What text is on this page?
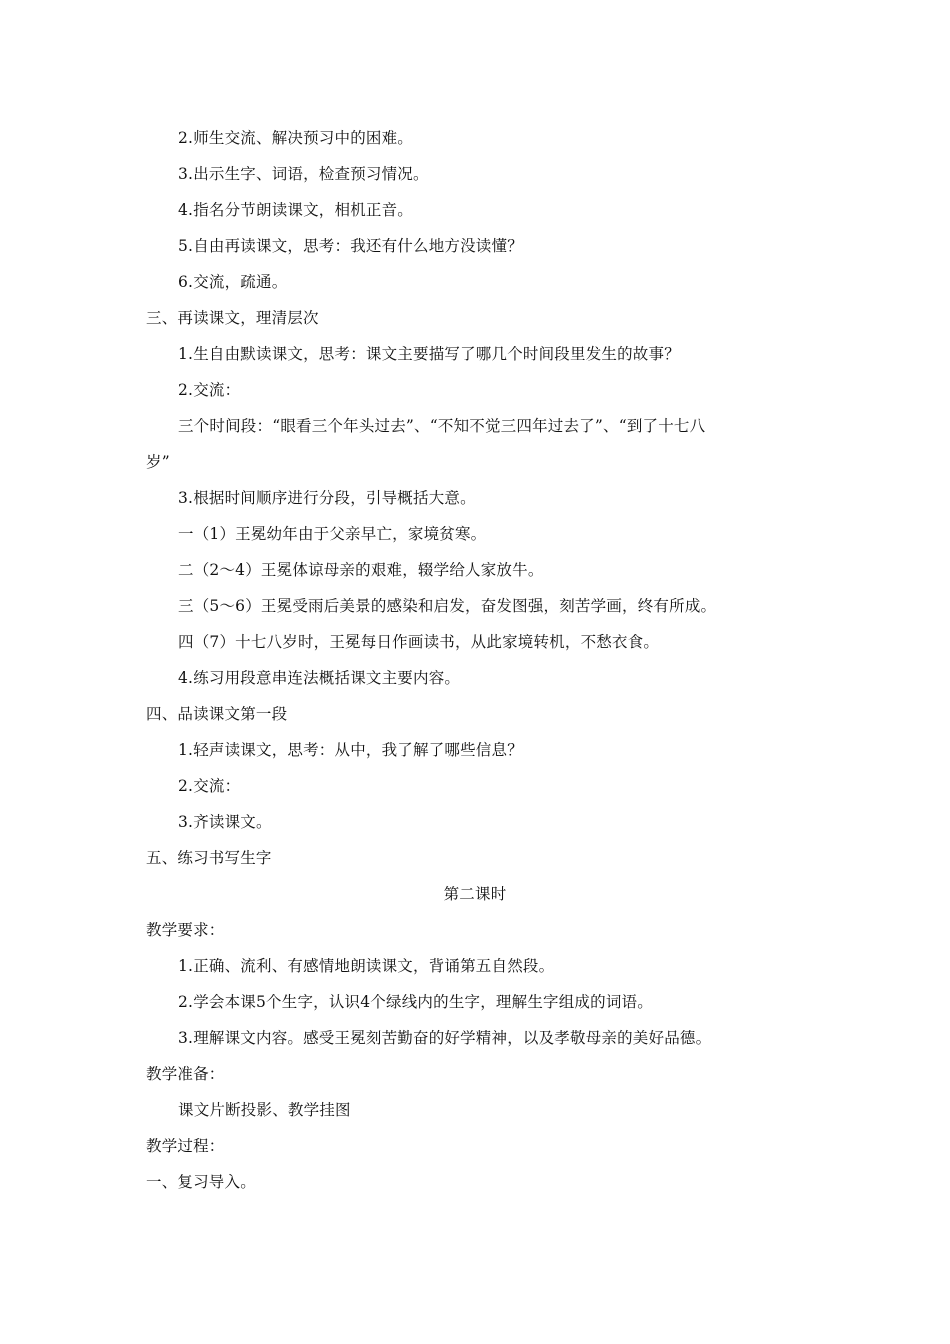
2.师生交流、解决预习中的困难。
3.出示生字、词语，检查预习情况。
4.指名分节朗读课文，相机正音。
5.自由再读课文，思考：我还有什么地方没读懂？
6.交流，疏通。
三、再读课文，理清层次
1.生自由默读课文，思考：课文主要描写了哪几个时间段里发生的故事？
2.交流：
三个时间段：“眼看三个年头过去”、“不知不觉三四年过去了”、“到了十七八
岁”
3.根据时间顺序进行分段，引导概括大意。
一（1）王冕幼年由于父亲早亡，家境贫寒。
二（2～4）王冕体谅母亲的艰难，辍学给人家放牛。
三（5～6）王冕受雨后美景的感染和启发，奋发图强，刻苦学画，终有所成。
四（7）十七八岁时，王冕每日作画读书，从此家境转机，不愁衣食。
4.练习用段意串连法概括课文主要内容。
四、品读课文第一段
1.轻声读课文，思考：从中，我了解了哪些信息？
2.交流：
3.齐读课文。
五、练习书写生字
第二课时
教学要求：
1.正确、流利、有感情地朗读课文，背诵第五自然段。
2.学会本课5个生字，认识4个绿线内的生字，理解生字组成的词语。
3.理解课文内容。感受王冕刻苦勤奋的好学精神，以及孝敬母亲的美好品德。
教学准备：
课文片断投影、教学挂图
教学过程：
一、复习导入。
